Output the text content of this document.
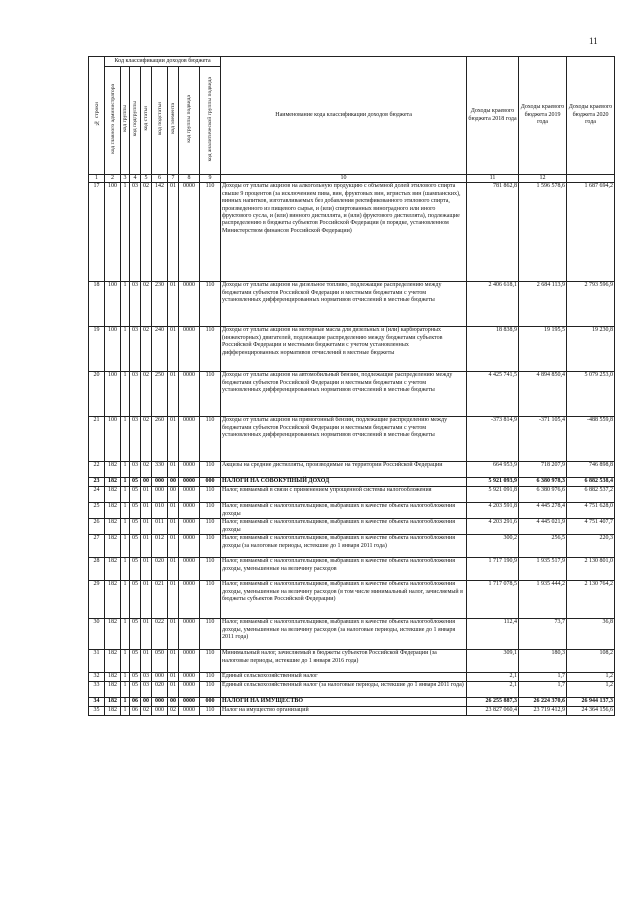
11
№ строки	Код классификации доходов бюджета								Наименование кода классификации доходов бюджета	Доходы краевого бюджета 2018 года	Доходы краевого бюджета 2019 года	Доходы краевого бюджета 2020 года
	код главного администратора	код группы	код подгруппы	код статьи	код подстатьи	код элемента	код группы подвида	код аналитической группы подвида				
1	2	3	4	5	6	7	8	9	10	11	12	
17	100	1	03	02	142	01	0000	110	Доходы от уплаты акцизов на алкогольную продукцию с объемной долей этилового спирта свыше 9 процентов (за исключением пива, вин, фруктовых вин, игристых вин (шампанских), винных напитков, изготавливаемых без добавления ректификованного этилового спирта, произведенного из пищевого сырья, и (или) спиртованных виноградного или иного фруктового сусла, и (или) винного дистиллята, и (или) фруктового дистиллята), подлежащие распределению в бюджеты субъектов Российской Федерации (в порядке, установленном Министерством финансов Российской Федерации)	781 862,8	1 596 578,6	1 687 694,2
18	100	1	03	02	230	01	0000	110	Доходы от уплаты акцизов на дизельное топливо, подлежащие распределению между бюджетами субъектов Российской Федерации и местными бюджетами с учетом установленных дифференцированных нормативов отчислений в местные бюджеты	2 406 618,1	2 684 113,9	2 793 596,9
19	100	1	03	02	240	01	0000	110	Доходы от уплаты акцизов на моторные масла для дизельных и (или) карбюраторных (инжекторных) двигателей, подлежащие распределению между бюджетами субъектов Российской Федерации и местными бюджетами с учетом установленных дифференцированных нормативов отчислений в местные бюджеты	18 838,9	19 195,5	19 230,8
20	100	1	03	02	250	01	0000	110	Доходы от уплаты акцизов на автомобильный бензин, подлежащие распределению между бюджетами субъектов Российской Федерации и местными бюджетами с учетом установленных дифференцированных нормативов отчислений в местные бюджеты	4 425 741,5	4 894 850,4	5 079 253,0
21	100	1	03	02	260	01	0000	110	Доходы от уплаты акцизов на прямогонный бензин, подлежащие распределению между бюджетами субъектов Российской Федерации и местными бюджетами с учетом установленных дифференцированных нормативов отчислений в местные бюджеты	-373 814,9	-371 105,4	-488 559,8
22	182	1	03	02	330	01	0000	110	Акцизы на средние дистилляты, производимые на территории Российской Федерации	664 953,9	718 207,9	746 898,8
23	182	1	05	00	000	00	0000	000	НАЛОГИ НА СОВОКУПНЫЙ ДОХОД	5 921 093,9	6 380 978,3	6 882 538,4
24	182	1	05	01	000	00	0000	110	Налог, взимаемый в связи с применением упрощенной системы налогообложения	5 921 091,8	6 380 976,6	6 882 537,2
25	182	1	05	01	010	01	0000	110	Налог, взимаемый с налогоплательщиков, выбравших в качестве объекта налогообложения доходы	4 203 591,8	4 445 278,4	4 751 628,0
26	182	1	05	01	011	01	0000	110	Налог, взимаемый с налогоплательщиков, выбравших в качестве объекта налогообложения доходы	4 203 291,6	4 445 021,9	4 751 407,7
27	182	1	05	01	012	01	0000	110	Налог, взимаемый с налогоплательщиков, выбравших в качестве объекта налогообложения доходы (за налоговые периоды, истекшие до 1 января 2011 года)	300,2	256,5	220,3
28	182	1	05	01	020	01	0000	110	Налог, взимаемый с налогоплательщиков, выбравших в качестве объекта налогообложения доходы, уменьшенные на величину расходов	1 717 190,9	1 935 517,9	2 130 801,0
29	182	1	05	01	021	01	0000	110	Налог, взимаемый с налогоплательщиков, выбравших в качестве объекта налогообложения доходы, уменьшенные на величину расходов (в том числе минимальный налог, зачисляемый в бюджеты субъектов Российской Федерации)	1 717 078,5	1 935 444,2	2 130 764,2
30	182	1	05	01	022	01	0000	110	Налог, взимаемый с налогоплательщиков, выбравших в качестве объекта налогообложения доходы, уменьшенные на величину расходов (за налоговые периоды, истекшие до 1 января 2011 года)	112,4	73,7	36,8
31	182	1	05	01	050	01	0000	110	Минимальный налог, зачисляемый в бюджеты субъектов Российской Федерации (за налоговые периоды, истекшие до 1 января 2016 года)	309,1	180,3	108,2
32	182	1	05	03	000	01	0000	110	Единый сельскохозяйственный налог	2,1	1,7	1,2
33	182	1	05	03	020	01	0000	110	Единый сельскохозяйственный налог (за налоговые периоды, истекшие до 1 января 2011 года)	2,1	1,7	1,2
34	182	1	06	00	000	00	0000	000	НАЛОГИ НА ИМУЩЕСТВО	26 255 887,3	26 224 370,6	26 944 137,3
35	182	1	06	02	000	02	0000	110	Налог на имущество организаций	23 827 060,4	23 719 412,9	24 364 156,6
